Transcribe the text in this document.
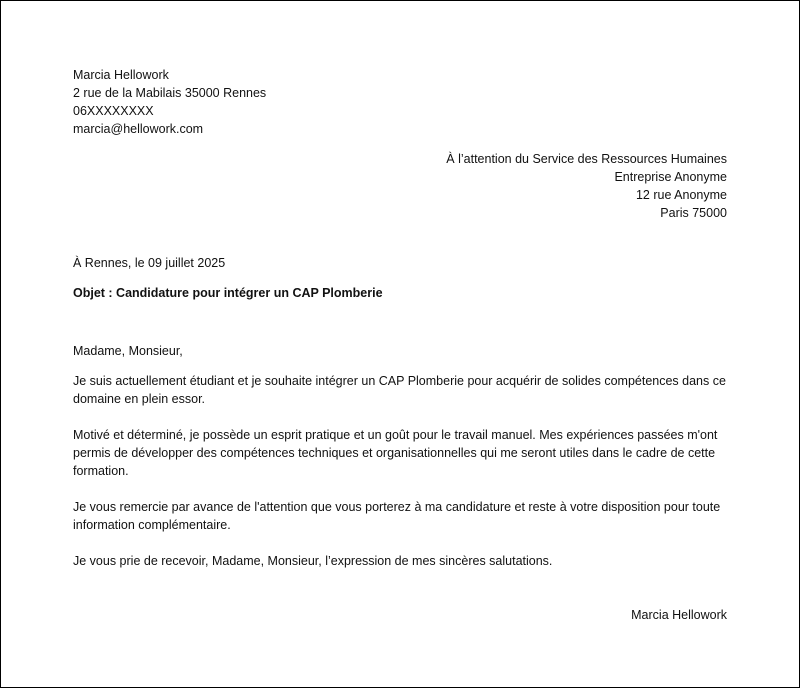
Marcia Hellowork
2 rue de la Mabilais 35000 Rennes
06XXXXXXXX
marcia@hellowork.com
À l’attention du Service des Ressources Humaines
Entreprise Anonyme
12 rue Anonyme
Paris 75000
À Rennes, le 09 juillet 2025
Objet : Candidature pour intégrer un CAP Plomberie
Madame, Monsieur,

Je suis actuellement étudiant et je souhaite intégrer un CAP Plomberie pour acquérir de solides compétences dans ce domaine en plein essor.

Motivé et déterminé, je possède un esprit pratique et un goût pour le travail manuel. Mes expériences passées m'ont permis de développer des compétences techniques et organisationnelles qui me seront utiles dans le cadre de cette formation.

Je vous remercie par avance de l'attention que vous porterez à ma candidature et reste à votre disposition pour toute information complémentaire.

Je vous prie de recevoir, Madame, Monsieur, l’expression de mes sincères salutations.

Marcia Hellowork
